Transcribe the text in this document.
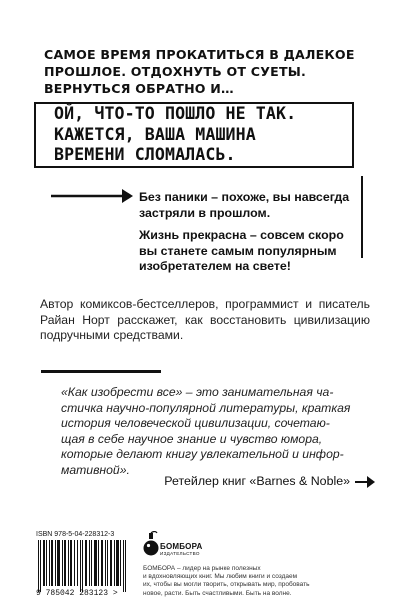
САМОЕ ВРЕМЯ ПРОКАТИТЬСЯ В ДАЛЕКОЕ
ПРОШЛОЕ. ОТДОХНУТЬ ОТ СУЕТЫ.
ВЕРНУТЬСЯ ОБРАТНО И…
ОЙ, ЧТО-ТО ПОШЛО НЕ ТАК.
КАЖЕТСЯ, ВАША МАШИНА
ВРЕМЕНИ СЛОМАЛАСЬ.
Без паники – похоже, вы навсегда
застряли в прошлом.
Жизнь прекрасна – совсем скоро
вы станете самым популярным
изобретателем на свете!

Автор комиксов-бестселлеров, программист и писатель Райан Норт расскажет, как восстановить цивилизацию подручными средствами.

«Как изобрести все» – это занимательная ча-
стичка научно-популярной литературы, краткая
история человеческой цивилизации, сочетаю-
щая в себе научное знание и чувство юмора,
которые делают книгу увлекательной и инфор-
мативной».
Ретейлер книг «Barnes & Noble»
ISBN 978-5-04-228312-3
9 785042 283123 >
БОМБОРА
ИЗДАТЕЛЬСТВО
БОМБОРА – лидер на рынке полезных
и вдохновляющих книг. Мы любим книги и создаем
их, чтобы вы могли творить, открывать мир, пробовать
новое, расти. Быть счастливыми. Быть на волне.
